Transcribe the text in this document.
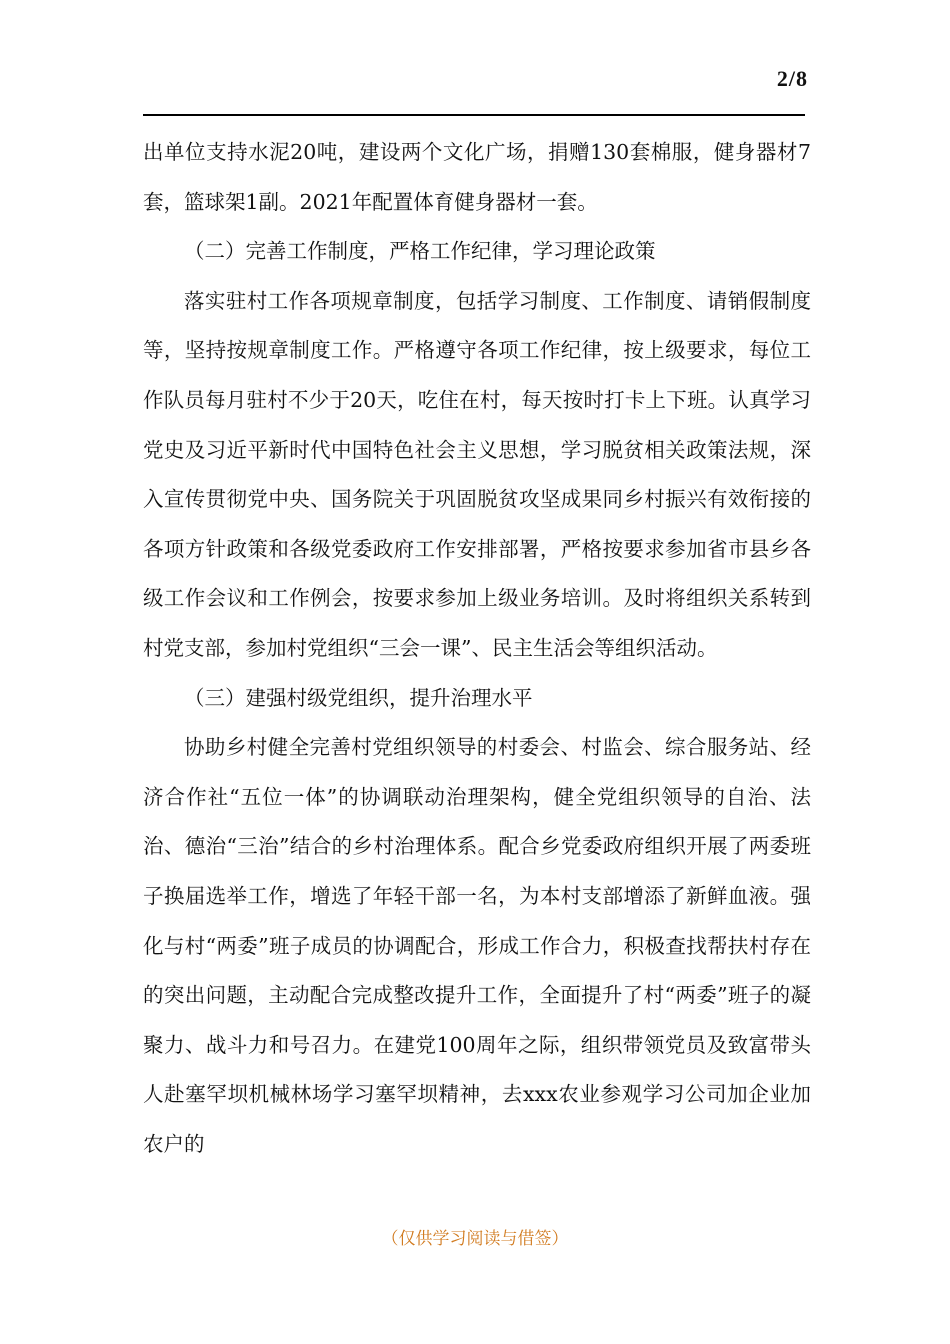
2/8

出单位支持水泥20吨，建设两个文化广场，捐赠130套棉服，健身器材7套，篮球架1副。2021年配置体育健身器材一套。

（二）完善工作制度，严格工作纪律，学习理论政策

落实驻村工作各项规章制度，包括学习制度、工作制度、请销假制度等，坚持按规章制度工作。严格遵守各项工作纪律，按上级要求，每位工作队员每月驻村不少于20天，吃住在村，每天按时打卡上下班。认真学习党史及习近平新时代中国特色社会主义思想，学习脱贫相关政策法规，深入宣传贯彻党中央、国务院关于巩固脱贫攻坚成果同乡村振兴有效衔接的各项方针政策和各级党委政府工作安排部署，严格按要求参加省市县乡各级工作会议和工作例会，按要求参加上级业务培训。及时将组织关系转到村党支部，参加村党组织“三会一课”、民主生活会等组织活动。

（三）建强村级党组织，提升治理水平

协助乡村健全完善村党组织领导的村委会、村监会、综合服务站、经济合作社“五位一体”的协调联动治理架构，健全党组织领导的自治、法治、德治“三治”结合的乡村治理体系。配合乡党委政府组织开展了两委班子换届选举工作，增选了年轻干部一名，为本村支部增添了新鲜血液。强化与村“两委”班子成员的协调配合，形成工作合力，积极查找帮扶村存在的突出问题，主动配合完成整改提升工作，全面提升了村“两委”班子的凝聚力、战斗力和号召力。在建党100周年之际，组织带领党员及致富带头人赴塞罕坝机械林场学习塞罕坝精神，去xxx农业参观学习公司加企业加农户的

（仅供学习阅读与借签）
